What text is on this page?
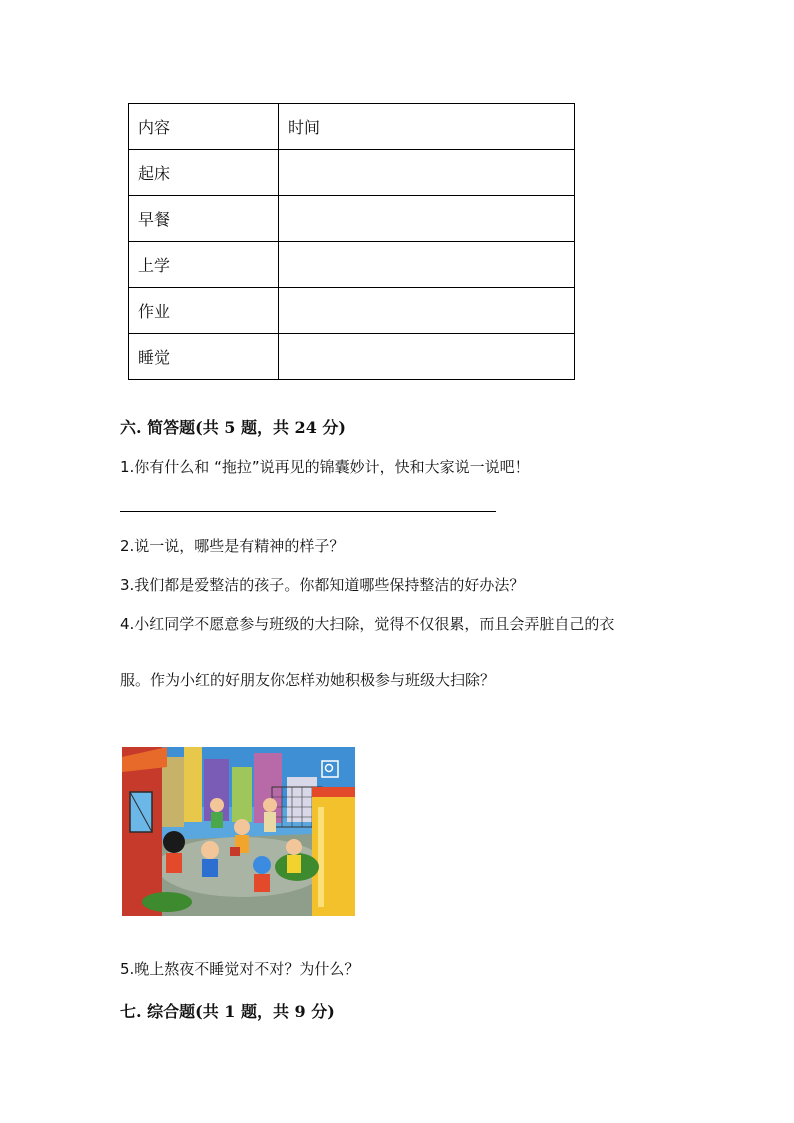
内容	时间
起床	
早餐	
上学	
作业	
睡觉	
六. 简答题(共 5 题，共 24 分)
1.你有什么和 “拖拉”说再见的锦囊妙计，快和大家说一说吧！
2.说一说，哪些是有精神的样子？
3.我们都是爱整洁的孩子。你都知道哪些保持整洁的好办法？
4.小红同学不愿意参与班级的大扫除，觉得不仅很累，而且会弄脏自己的衣
服。作为小红的好朋友你怎样劝她积极参与班级大扫除？
5.晚上熬夜不睡觉对不对？为什么？
七. 综合题(共 1 题，共 9 分)
